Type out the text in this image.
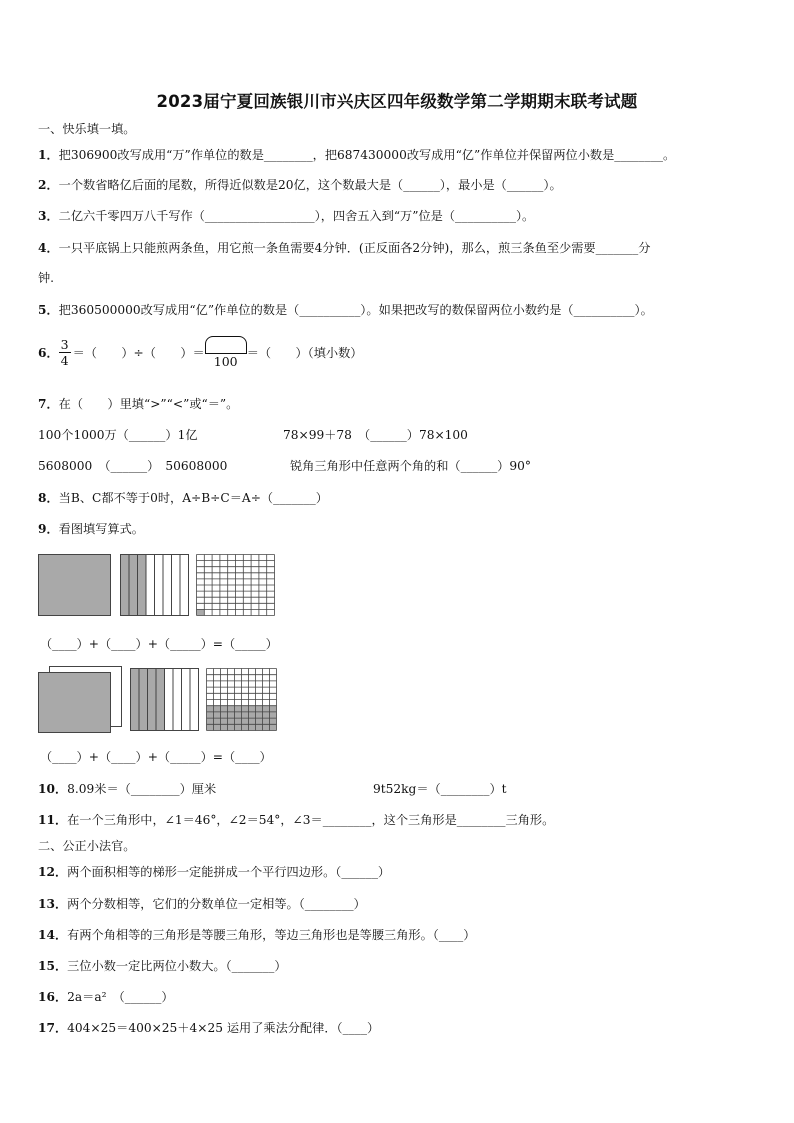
2023届宁夏回族银川市兴庆区四年级数学第二学期期末联考试题
一、快乐填一填。
1．把306900改写成用“万”作单位的数是________，把687430000改写成用“亿”作单位并保留两位小数是________。
2．一个数省略亿后面的尾数，所得近似数是20亿，这个数最大是（______），最小是（______）。
3．二亿六千零四万八千写作（__________________），四舍五入到“万”位是（__________）。
4．一只平底锅上只能煎两条鱼，用它煎一条鱼需要4分钟．(正反面各2分钟)，那么，煎三条鱼至少需要_______分
钟.
5．把360500000改写成用“亿”作单位的数是（__________）。如果把改写的数保留两位小数约是（__________）。
6． $\frac{3}{4}$ ＝（　　）÷（　　）＝
100
＝（　　）（填小数）
7．在（　　）里填“>”“<”或“＝”。
100个1000万（______）1亿	78×99＋78　（______）78×100
5608000　（______）　50608000	锐角三角形中任意两个角的和（______）90°
8．当B、C都不等于0时，A÷B÷C＝A÷（_______）
9．看图填写算式。
（____）+（____）+（_____）=（_____）
（____）+（____）+（_____）=（____）
10．8.09米＝（________）厘米	9t52kg＝（________）t
11．在一个三角形中，∠1＝46°，∠2＝54°，∠3＝________，这个三角形是________三角形。
二、公正小法官。
12．两个面积相等的梯形一定能拼成一个平行四边形。（______）
13．两个分数相等，它们的分数单位一定相等。（________）
14．有两个角相等的三角形是等腰三角形，等边三角形也是等腰三角形。（____）
15．三位小数一定比两位小数大。（_______）
16．2a＝a²　（______）
17．404×25＝400×25＋4×25 运用了乘法分配律．（____）
